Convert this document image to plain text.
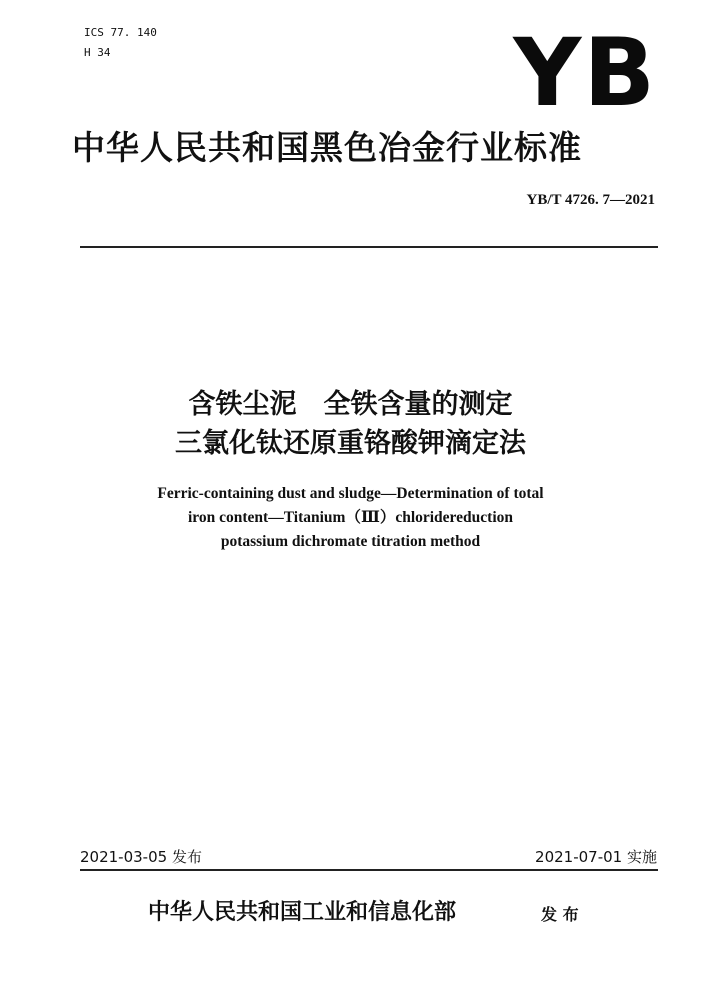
ICS 77. 140
H 34	YB
中华人民共和国黑色冶金行业标准
YB/T 4726. 7—2021
含铁尘泥　全铁含量的测定
三氯化钛还原重铬酸钾滴定法
Ferric-containing dust and sludge—Determination of total
iron content—Titanium（Ⅲ）chloridereduction
potassium dichromate titration method
2021-03-05 发布	2021-07-01 实施
中华人民共和国工业和信息化部	发 布
